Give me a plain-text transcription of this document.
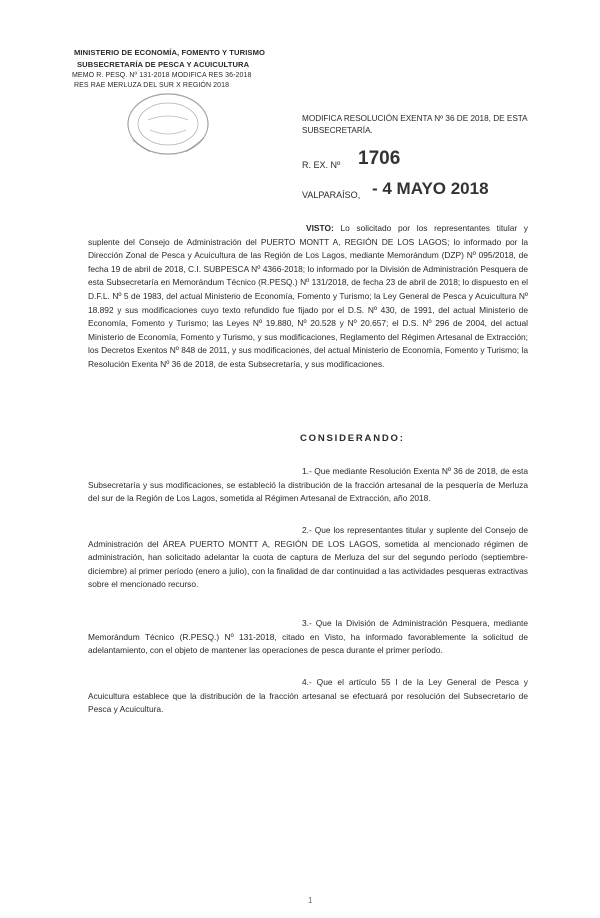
MINISTERIO DE ECONOMÍA, FOMENTO Y TURISMO
SUBSECRETARÍA DE PESCA Y ACUICULTURA
MEMO R. PESQ. Nº 131-2018 MODIFICA RES 36-2018
RES RAE MERLUZA DEL SUR X REGIÓN 2018
MODIFICA RESOLUCIÓN EXENTA Nº 36 DE 2018, DE ESTA SUBSECRETARÍA.
R. EX. Nº 1706
VALPARAÍSO, - 4 MAYO 2018
VISTO: Lo solicitado por los representantes titular y suplente del Consejo de Administración del PUERTO MONTT A, REGIÓN DE LOS LAGOS; lo informado por la Dirección Zonal de Pesca y Acuicultura de las Región de Los Lagos, mediante Memorándum (DZP) Nº 095/2018, de fecha 19 de abril de 2018, C.I. SUBPESCA Nº 4366-2018; lo informado por la División de Administración Pesquera de esta Subsecretaría en Memorándum Técnico (R.PESQ.) Nº 131/2018, de fecha 23 de abril de 2018; lo dispuesto en el D.F.L. Nº 5 de 1983, del actual Ministerio de Economía, Fomento y Turismo; la Ley General de Pesca y Acuicultura Nº 18.892 y sus modificaciones cuyo texto refundido fue fijado por el D.S. Nº 430, de 1991, del actual Ministerio de Economía, Fomento y Turismo; las Leyes Nº 19.880, Nº 20.528 y Nº 20.657; el D.S. Nº 296 de 2004, del actual Ministerio de Economía, Fomento y Turismo, y sus modificaciones, Reglamento del Régimen Artesanal de Extracción; los Decretos Exentos Nº 848 de 2011, y sus modificaciones, del actual Ministerio de Economía, Fomento y Turismo; la Resolución Exenta Nº 36 de 2018, de esta Subsecretaría, y sus modificaciones.
CONSIDERANDO:
1.- Que mediante Resolución Exenta Nº 36 de 2018, de esta Subsecretaría y sus modificaciones, se estableció la distribución de la fracción artesanal de la pesquería de Merluza del sur de la Región de Los Lagos, sometida al Régimen Artesanal de Extracción, año 2018.
2.- Que los representantes titular y suplente del Consejo de Administración del ÁREA PUERTO MONTT A, REGIÓN DE LOS LAGOS, sometida al mencionado régimen de administración, han solicitado adelantar la cuota de captura de Merluza del sur del segundo período (septiembre-diciembre) al primer período (enero a julio), con la finalidad de dar continuidad a las actividades pesqueras extractivas sobre el mencionado recurso.
3.- Que la División de Administración Pesquera, mediante Memorándum Técnico (R.PESQ.) Nº 131-2018, citado en Visto, ha informado favorablemente la solicitud de adelantamiento, con el objeto de mantener las operaciones de pesca durante el primer período.
4.- Que el artículo 55 I de la Ley General de Pesca y Acuicultura establece que la distribución de la fracción artesanal se efectuará por resolución del Subsecretario de Pesca y Acuicultura.
1
